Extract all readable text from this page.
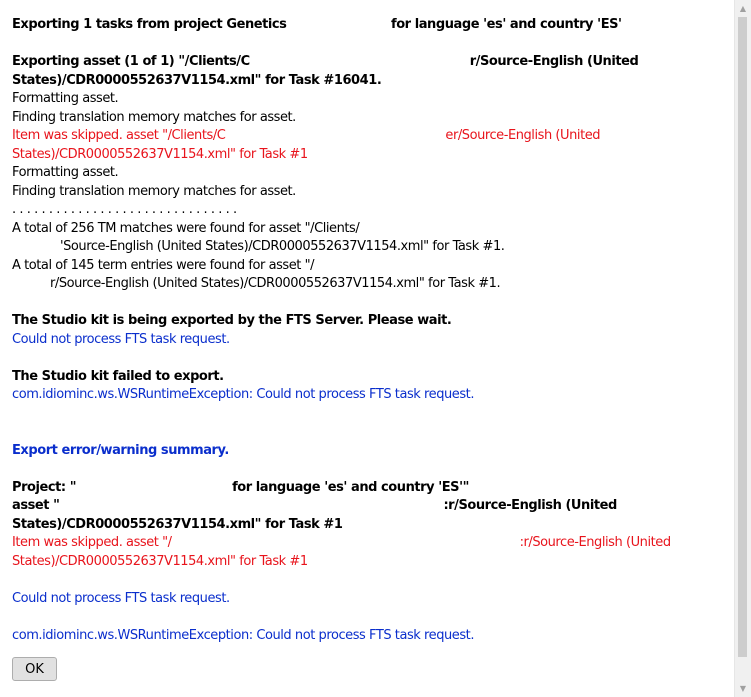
Exporting 1 tasks from project Genetics	for language 'es' and country 'ES'
Exporting asset (1 of 1) "/Clients/C	r/Source-English (United
States)/CDR0000552637V1154.xml" for Task #16041.
Formatting asset.
Finding translation memory matches for asset.
Item was skipped. asset "/Clients/C	er/Source-English (United
States)/CDR0000552637V1154.xml" for Task #1
Formatting asset.
Finding translation memory matches for asset.
. . . . . . . . . . . . . . . . . . . . . . . . . . . . . . .
A total of 256 TM matches were found for asset "/Clients/
'Source-English (United States)/CDR0000552637V1154.xml" for Task #1.
A total of 145 term entries were found for asset "/
r/Source-English (United States)/CDR0000552637V1154.xml" for Task #1.
The Studio kit is being exported by the FTS Server. Please wait.
Could not process FTS task request.
The Studio kit failed to export.
com.idiominc.ws.WSRuntimeException: Could not process FTS task request.
Export error/warning summary.
Project: "	for language 'es' and country 'ES'"
asset "	:r/Source-English (United
States)/CDR0000552637V1154.xml" for Task #1
Item was skipped. asset "/	:r/Source-English (United
States)/CDR0000552637V1154.xml" for Task #1
Could not process FTS task request.
com.idiominc.ws.WSRuntimeException: Could not process FTS task request.
OK
▲
▼
